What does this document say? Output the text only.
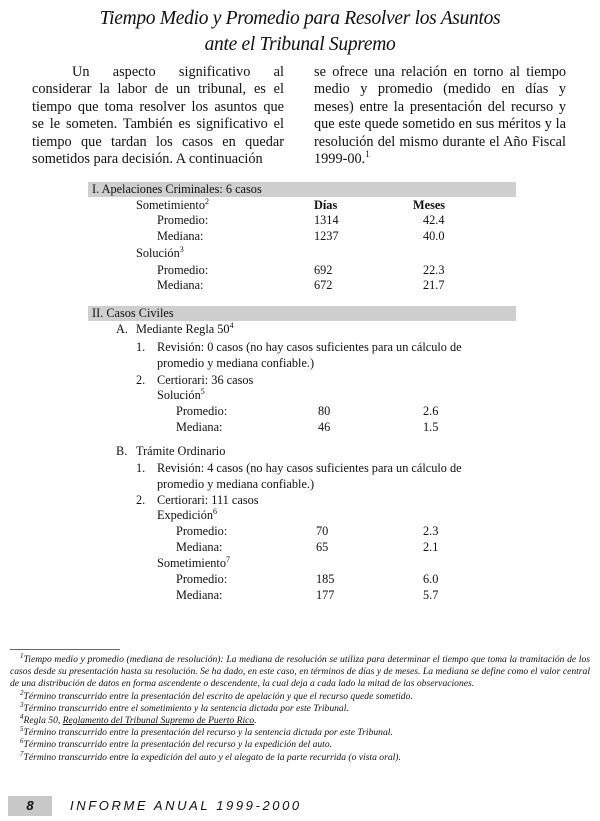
Tiempo Medio y Promedio para Resolver los Asuntos
ante el Tribunal Supremo
Un aspecto significativo al considerar la labor de un tribunal, es el tiempo que toma resolver los asuntos que se le someten. También es significativo el tiempo que tardan los casos en quedar sometidos para decisión. A continuación
se ofrece una relación en torno al tiempo medio y promedio (medido en días y meses) entre la presentación del recurso y que este quede sometido en sus méritos y la resolución del mismo durante el Año Fiscal 1999-00.$^1$
I. Apelaciones Criminales: 6 casos
Sometimiento$^2$	Días	Meses
Promedio:	1314	42.4
Mediana:	1237	40.0
Solución$^3$
Promedio:	692	22.3
Mediana:	672	21.7
II. Casos Civiles
A. Mediante Regla $50^4$
1. Revisión: 0 casos (no hay casos suficientes para un cálculo de
promedio y mediana confiable.)
2. Certiorari: 36 casos
Solución$^5$
Promedio:	80	2.6
Mediana:	46	1.5
B. Trámite Ordinario
1. Revisión: 4 casos (no hay casos suficientes para un cálculo de
promedio y mediana confiable.)
2. Certiorari: 111 casos
Expedición$^6$
Promedio:	70	2.3
Mediana:	65	2.1
Sometimiento$^7$
Promedio:	185	6.0
Mediana:	177	5.7

$^1$Tiempo medio y promedio (mediana de resolución): La mediana de resolución se utiliza para determinar el tiempo que toma la tramitación de los casos desde su presentación hasta su resolución. Se ha dado, en este caso, en términos de días y de meses. La mediana se define como el valor central de una distribución de datos en forma ascendente o descendente, la cual deja a cada lado la mitad de las observaciones.

$^2$Término transcurrido entre la presentación del escrito de apelación y que el recurso quede sometido.

$^3$Término transcurrido entre el sometimiento y la sentencia dictada por este Tribunal.

$^4$Regla 50, Reglamento del Tribunal Supremo de Puerto Rico.

$^5$Término transcurrido entre la presentación del recurso y la sentencia dictada por este Tribunal.

$^6$Término transcurrido entre la presentación del recurso y la expedición del auto.

$^7$Término transcurrido entre la expedición del auto y el alegato de la parte recurrida (o vista oral).

8	INFORME ANUAL 1999-2000
